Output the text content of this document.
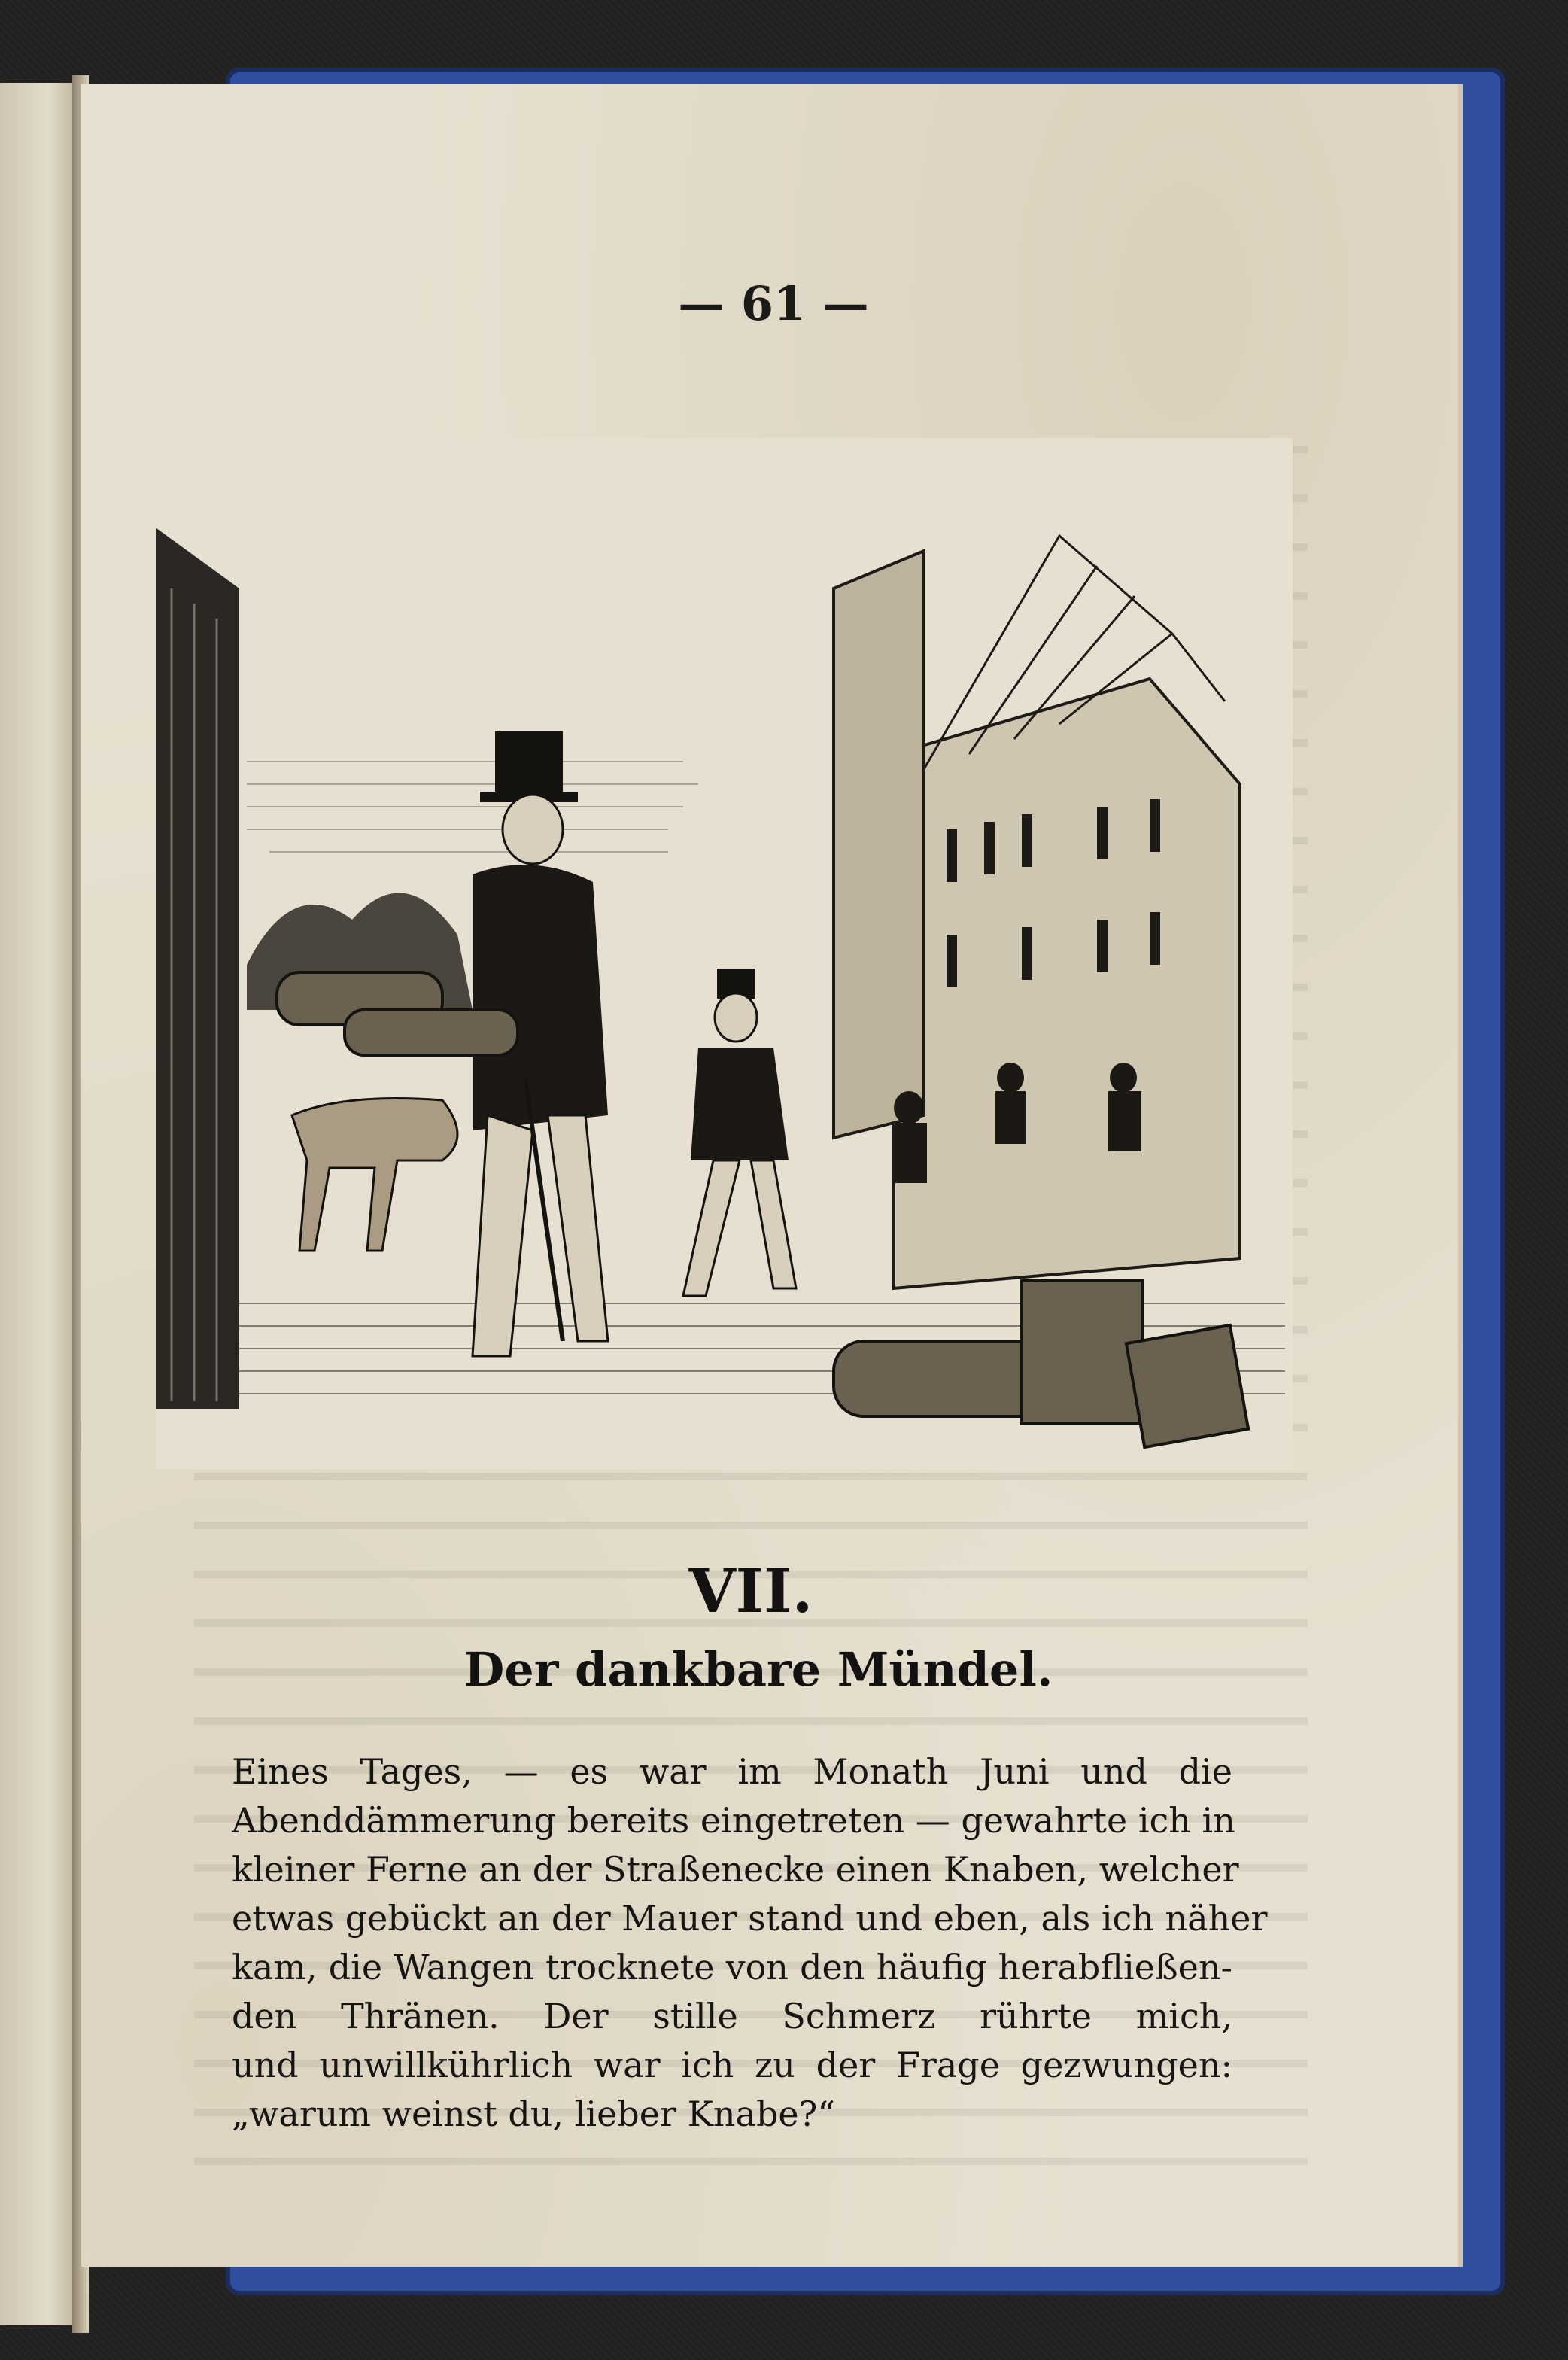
— 61 —
VII.
Der dankbare Mündel.
Eines Tages, — es war im Monath Juni und die
Abenddämmerung bereits eingetreten — gewahrte ich in
kleiner Ferne an der Straßenecke einen Knaben, welcher
etwas gebückt an der Mauer stand und eben, als ich näher
kam, die Wangen trocknete von den häufig herabfließen-
den Thränen. Der stille Schmerz rührte mich,
und unwillkührlich war ich zu der Frage gezwungen:
„warum weinst du, lieber Knabe?“
